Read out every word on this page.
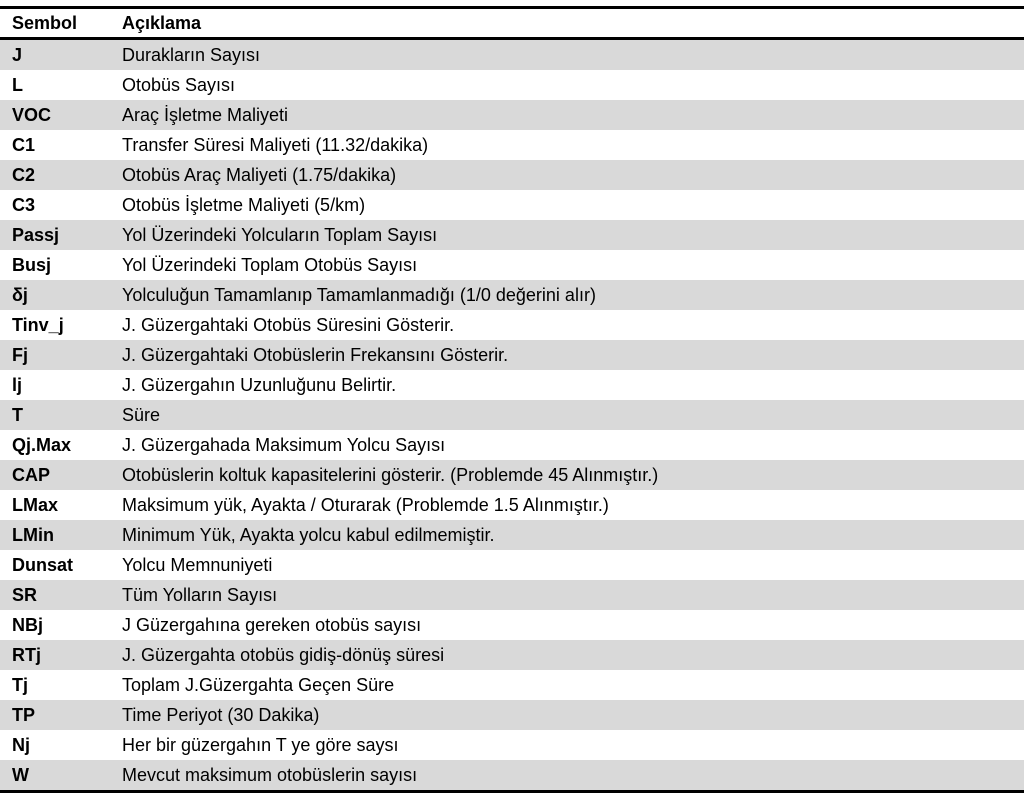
Sembol	Açıklama
J	Durakların Sayısı
L	Otobüs Sayısı
VOC	Araç İşletme Maliyeti
C1	Transfer Süresi Maliyeti (11.32/dakika)
C2	Otobüs Araç Maliyeti (1.75/dakika)
C3	Otobüs İşletme Maliyeti (5/km)
Passj	Yol Üzerindeki Yolcuların Toplam Sayısı
Busj	Yol Üzerindeki Toplam Otobüs Sayısı
δj	Yolculuğun Tamamlanıp Tamamlanmadığı (1/0 değerini alır)
Tinv_j	J. Güzergahtaki Otobüs Süresini Gösterir.
Fj	J. Güzergahtaki Otobüslerin Frekansını Gösterir.
lj	J. Güzergahın Uzunluğunu Belirtir.
T	Süre
Qj.Max	J. Güzergahada Maksimum Yolcu Sayısı
CAP	Otobüslerin koltuk kapasitelerini gösterir. (Problemde 45 Alınmıştır.)
LMax	Maksimum yük, Ayakta / Oturarak (Problemde 1.5 Alınmıştır.)
LMin	Minimum Yük, Ayakta yolcu kabul edilmemiştir.
Dunsat	Yolcu Memnuniyeti
SR	Tüm Yolların Sayısı
NBj	J Güzergahına gereken otobüs sayısı
RTj	J. Güzergahta otobüs gidiş-dönüş süresi
Tj	Toplam J.Güzergahta Geçen Süre
TP	Time Periyot (30 Dakika)
Nj	Her bir güzergahın T ye göre saysı
W	Mevcut maksimum otobüslerin sayısı
